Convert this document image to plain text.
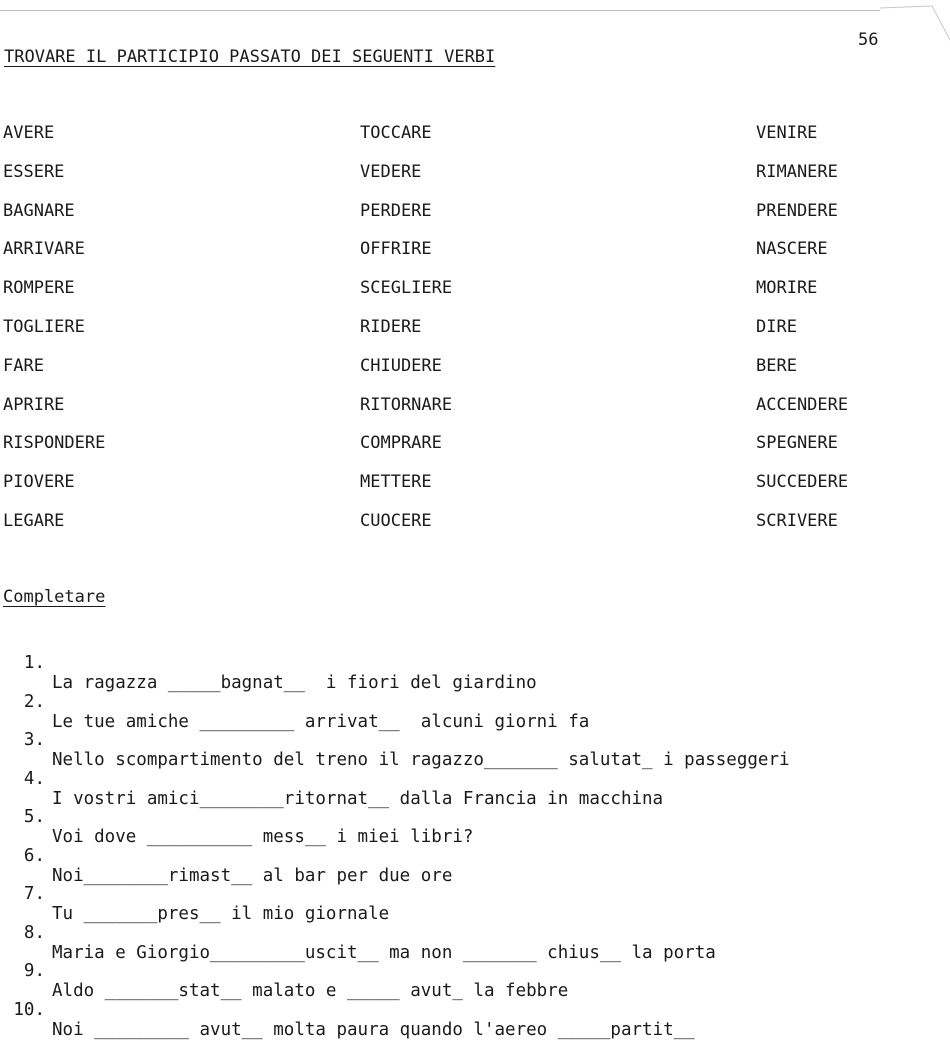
56
TROVARE IL PARTICIPIO PASSATO DEI SEGUENTI VERBI
AVERE
ESSERE
BAGNARE
ARRIVARE
ROMPERE
TOGLIERE
FARE
APRIRE
RISPONDERE
PIOVERE
LEGARE
TOCCARE
VEDERE
PERDERE
OFFRIRE
SCEGLIERE
RIDERE
CHIUDERE
RITORNARE
COMPRARE
METTERE
CUOCERE
VENIRE
RIMANERE
PRENDERE
NASCERE
MORIRE
DIRE
BERE
ACCENDERE
SPEGNERE
SUCCEDERE
SCRIVERE
Completare

1.

La ragazza _____bagnat__  i fiori del giardino

2.

Le tue amiche _________ arrivat__  alcuni giorni fa

3.

Nello scompartimento del treno il ragazzo_______ salutat_ i passeggeri

4.

I vostri amici________ritornat__ dalla Francia in macchina

5.

Voi dove __________ mess__ i miei libri?

6.

Noi________rimast__ al bar per due ore

7.

Tu _______pres__ il mio giornale

8.

Maria e Giorgio_________uscit__ ma non _______ chius__ la porta

9.

Aldo _______stat__ malato e _____ avut_ la febbre

10.

Noi _________ avut__ molta paura quando l'aereo _____partit__
